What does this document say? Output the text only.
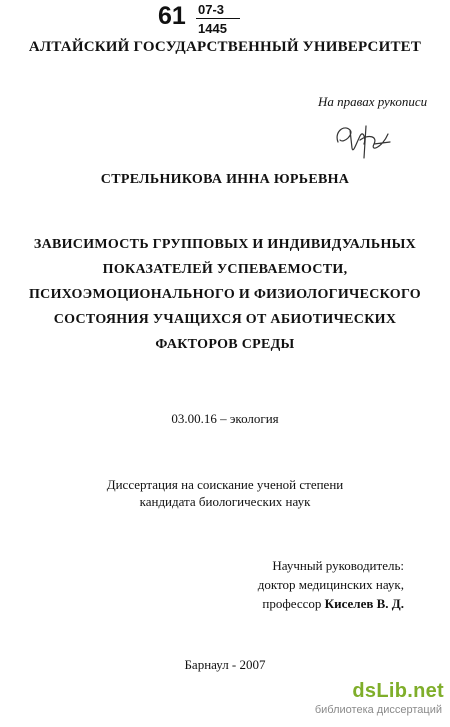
61 07-3
1445
АЛТАЙСКИЙ ГОСУДАРСТВЕННЫЙ УНИВЕРСИТЕТ
На правах рукописи
СТРЕЛЬНИКОВА ИННА ЮРЬЕВНА
ЗАВИСИМОСТЬ ГРУППОВЫХ И ИНДИВИДУАЛЬНЫХ
ПОКАЗАТЕЛЕЙ УСПЕВАЕМОСТИ,
ПСИХОЭМОЦИОНАЛЬНОГО И ФИЗИОЛОГИЧЕСКОГО
СОСТОЯНИЯ УЧАЩИХСЯ ОТ АБИОТИЧЕСКИХ
ФАКТОРОВ СРЕДЫ
03.00.16 – экология
Диссертация на соискание ученой степени
кандидата биологических наук
Научный руководитель:
доктор медицинских наук,
профессор Киселев В. Д.
Барнаул - 2007
dsLib.net
библиотека диссертаций
